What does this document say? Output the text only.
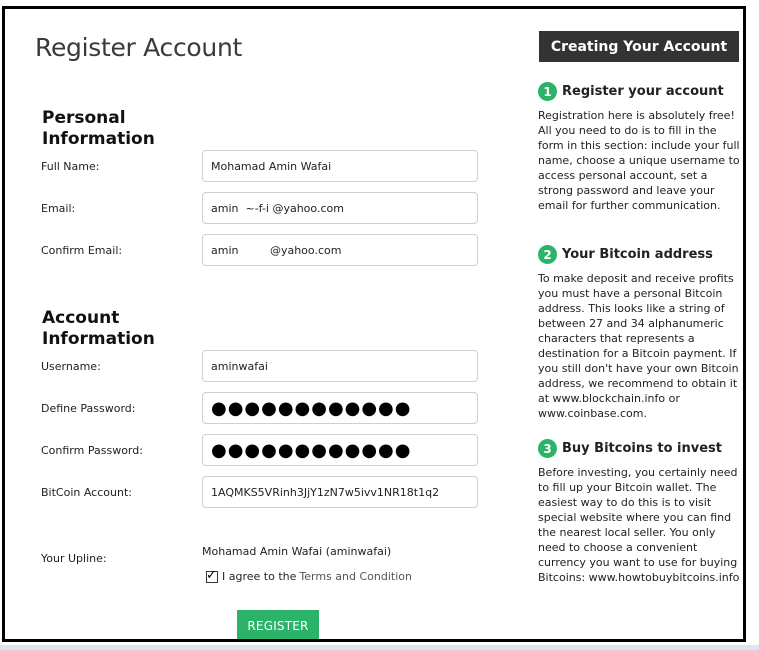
Register Account
Personal
Information
Full Name:
Mohamad Amin Wafai
Email:
amin ~-f-i @yahoo.com
Confirm Email:
amin @yahoo.com
Account
Information
Username:
aminwafai
Define Password:
●●●●●●●●●●●●
Confirm Password:
●●●●●●●●●●●●
BitCoin Account:
1AQMKS5VRinh3JjY1zN7w5ivv1NR18t1q2
Your Upline:
Mohamad Amin Wafai (aminwafai)
✓ I agree to the Terms and Condition
REGISTER
Creating Your Account
1 Register your account

Registration here is absolutely free! All you need to do is to fill in the form in this section: include your full name, choose a unique username to access personal account, set a strong password and leave your email for further communication.

2 Your Bitcoin address

To make deposit and receive profits you must have a personal Bitcoin address. This looks like a string of between 27 and 34 alphanumeric characters that represents a destination for a Bitcoin payment. If you still don't have your own Bitcoin address, we recommend to obtain it at www.blockchain.info or www.coinbase.com.

3 Buy Bitcoins to invest

Before investing, you certainly need to fill up your Bitcoin wallet. The easiest way to do this is to visit special website where you can find the nearest local seller. You only need to choose a convenient currency you want to use for buying Bitcoins: www.howtobuybitcoins.info
